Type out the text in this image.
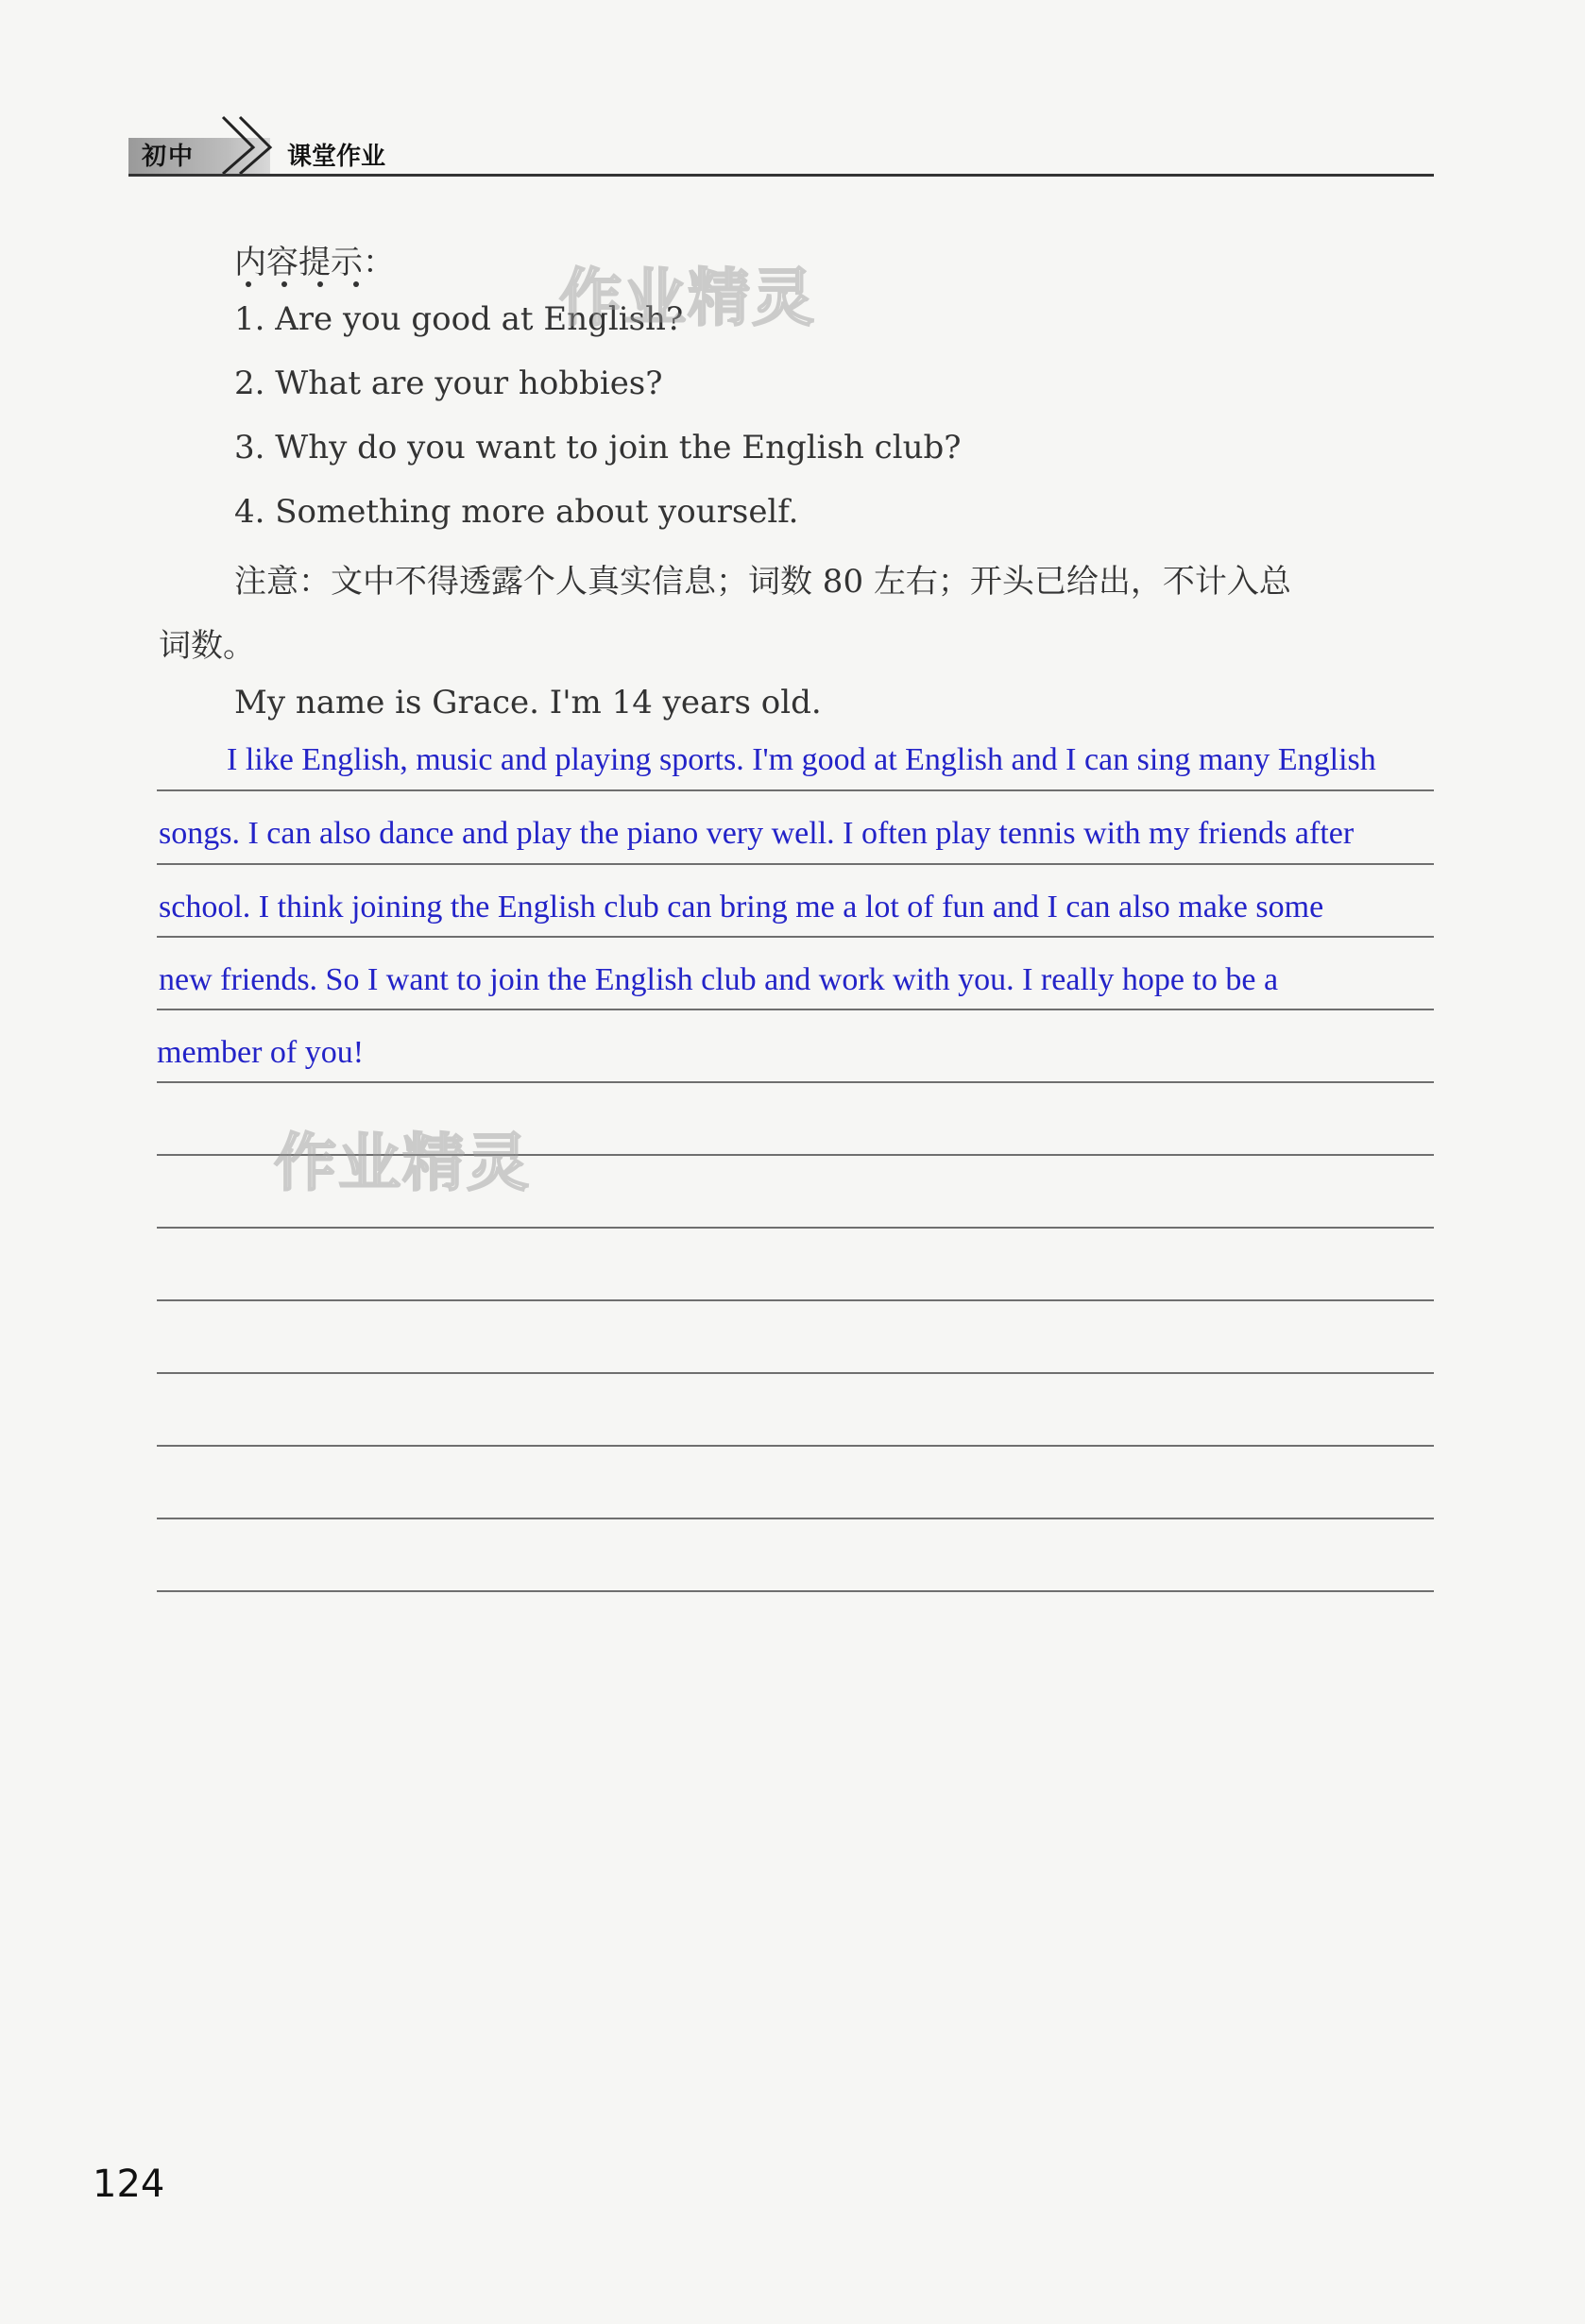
初中	课堂作业
内容提示：
1. Are you good at English?
2. What are your hobbies?
3. Why do you want to join the English club?
4. Something more about yourself.
注意：文中不得透露个人真实信息；词数 80 左右；开头已给出，不计入总
词数。
My name is Grace. I'm 14 years old.
I like English, music and playing sports. I'm good at English and I can sing many English
songs. I can also dance and play the piano very well. I often play tennis with my friends after
school. I think joining the English club can bring me a lot of fun and I can also make some
new friends. So I want to join the English club and work with you. I really hope to be a
member of you!
作业精灵
作业精灵
124
